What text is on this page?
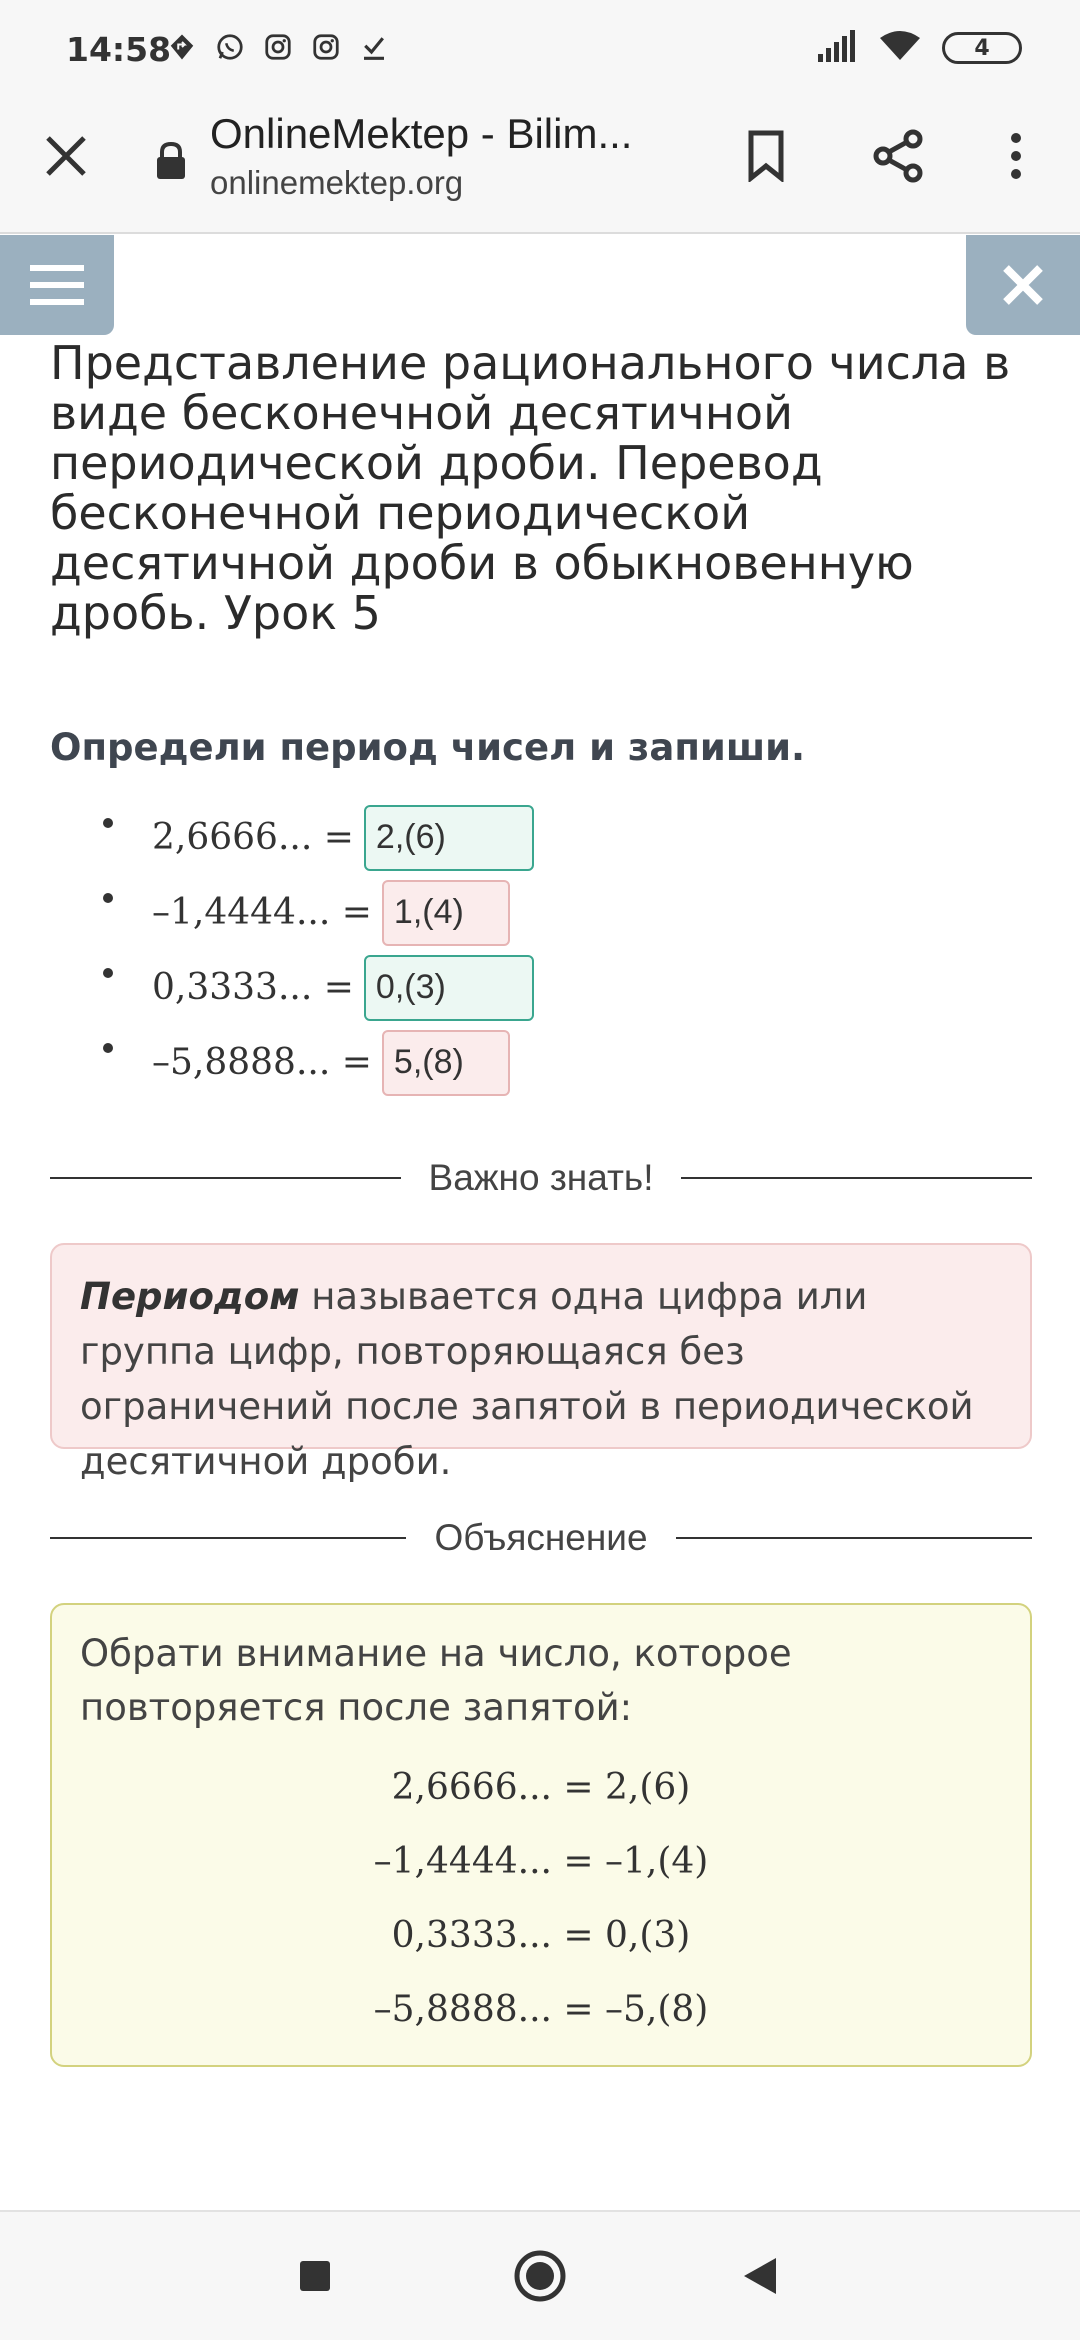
14:58	4
OnlineMektep - Bilim...
onlinemektep.org
Представление рационального числа в виде бесконечной десятичной периодической дроби. Перевод бесконечной периодической десятичной дроби в обыкновенную дробь. Урок 5
Определи период чисел и запиши.
2,6666... = 2,(6)
–1,4444... = 1,(4)
0,3333... = 0,(3)
–5,8888... = 5,(8)
Важно знать!
Периодом называется одна цифра или группа цифр, повторяющаяся без ограничений после запятой в периодической десятичной дроби.
Объяснение
Обрати внимание на число, которое повторяется после запятой:
2,6666... = 2,(6)
–1,4444... = –1,(4)
0,3333... = 0,(3)
–5,8888... = –5,(8)
